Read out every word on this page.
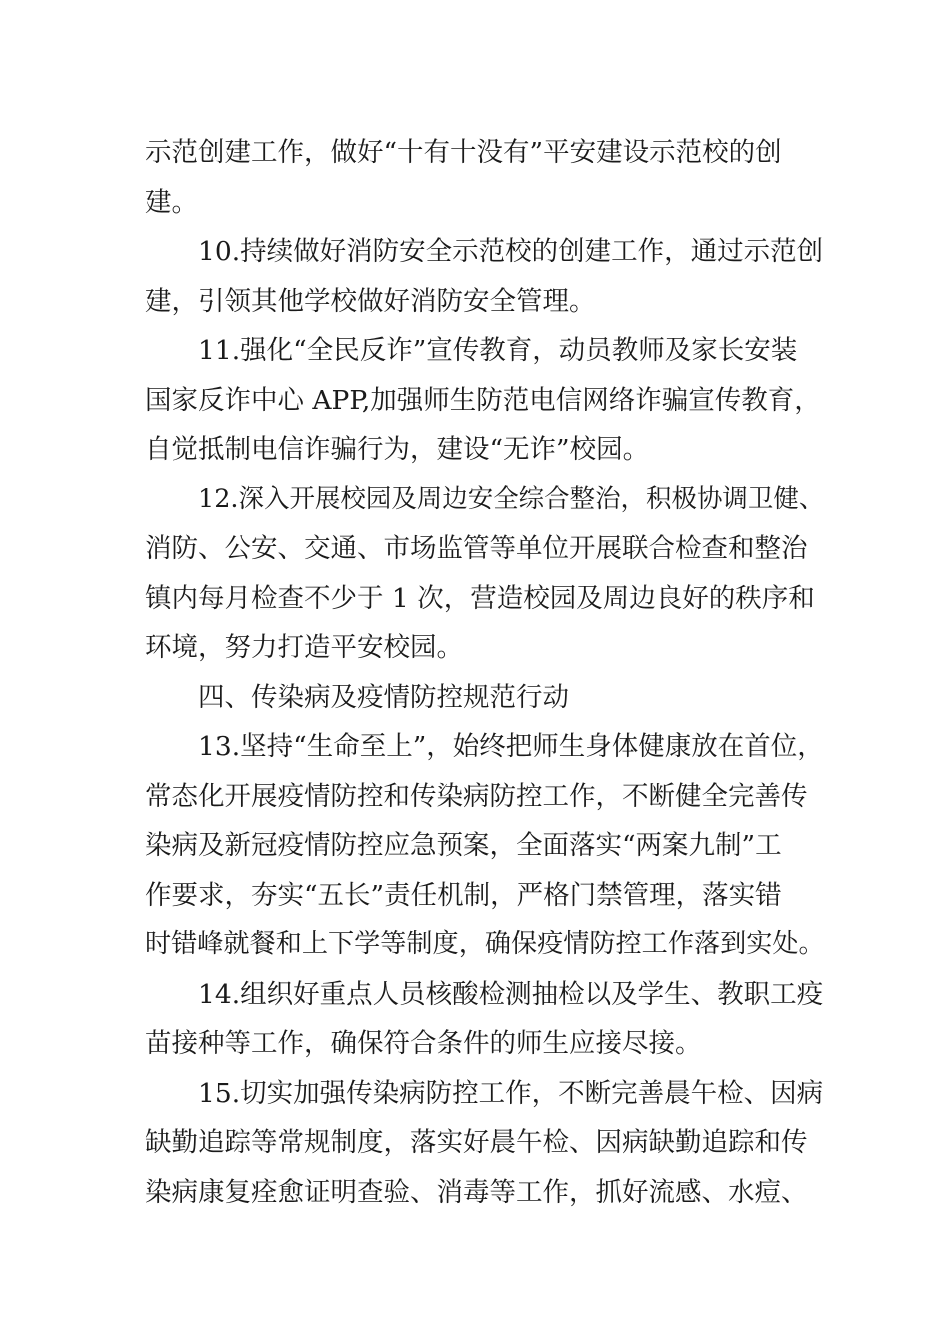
示范创建工作，做好“十有十没有”平安建设示范校的创
建。
10.持续做好消防安全示范校的创建工作，通过示范创
建，引领其他学校做好消防安全管理。
11.强化“全民反诈”宣传教育，动员教师及家长安装
国家反诈中心 APP,加强师生防范电信网络诈骗宣传教育，
自觉抵制电信诈骗行为，建设“无诈”校园。
12.深入开展校园及周边安全综合整治，积极协调卫健、
消防、公安、交通、市场监管等单位开展联合检查和整治
镇内每月检查不少于 1 次，营造校园及周边良好的秩序和
环境，努力打造平安校园。
四、传染病及疫情防控规范行动
13.坚持“生命至上”，始终把师生身体健康放在首位，
常态化开展疫情防控和传染病防控工作，不断健全完善传
染病及新冠疫情防控应急预案，全面落实“两案九制”工
作要求，夯实“五长”责任机制，严格门禁管理，落实错
时错峰就餐和上下学等制度，确保疫情防控工作落到实处。
14.组织好重点人员核酸检测抽检以及学生、教职工疫
苗接种等工作，确保符合条件的师生应接尽接。
15.切实加强传染病防控工作，不断完善晨午检、因病
缺勤追踪等常规制度，落实好晨午检、因病缺勤追踪和传
染病康复痊愈证明查验、消毒等工作，抓好流感、水痘、
